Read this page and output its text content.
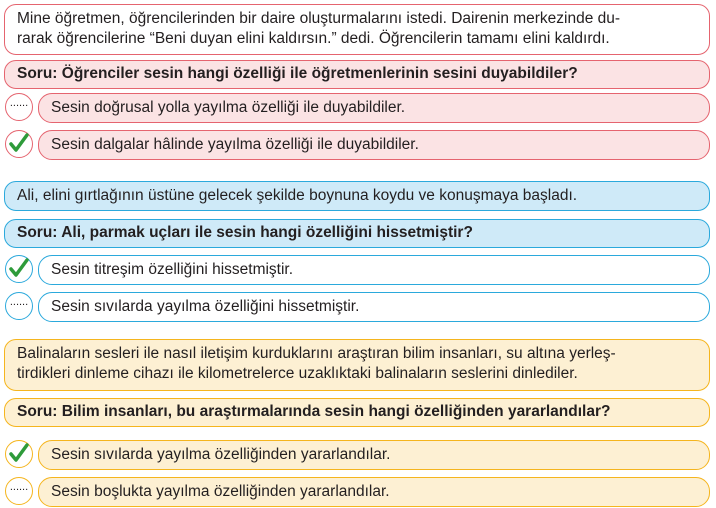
Mine öğretmen, öğrencilerinden bir daire oluşturmalarını istedi. Dairenin merkezinde du-
rarak öğrencilerine “Beni duyan elini kaldırsın.” dedi. Öğrencilerin tamamı elini kaldırdı.
Soru: Öğrenciler sesin hangi özelliği ile öğretmenlerinin sesini duyabildiler?
......	Sesin doğrusal yolla yayılma özelliği ile duyabildiler.
Sesin dalgalar hâlinde yayılma özelliği ile duyabildiler.
Ali, elini gırtlağının üstüne gelecek şekilde boynuna koydu ve konuşmaya başladı.
Soru: Ali, parmak uçları ile sesin hangi özelliğini hissetmiştir?
Sesin titreşim özelliğini hissetmiştir.
......	Sesin sıvılarda yayılma özelliğini hissetmiştir.
Balinaların sesleri ile nasıl iletişim kurduklarını araştıran bilim insanları, su altına yerleş-
tirdikleri dinleme cihazı ile kilometrelerce uzaklıktaki balinaların seslerini dinlediler.
Soru: Bilim insanları, bu araştırmalarında sesin hangi özelliğinden yararlandılar?
Sesin sıvılarda yayılma özelliğinden yararlandılar.
......	Sesin boşlukta yayılma özelliğinden yararlandılar.
